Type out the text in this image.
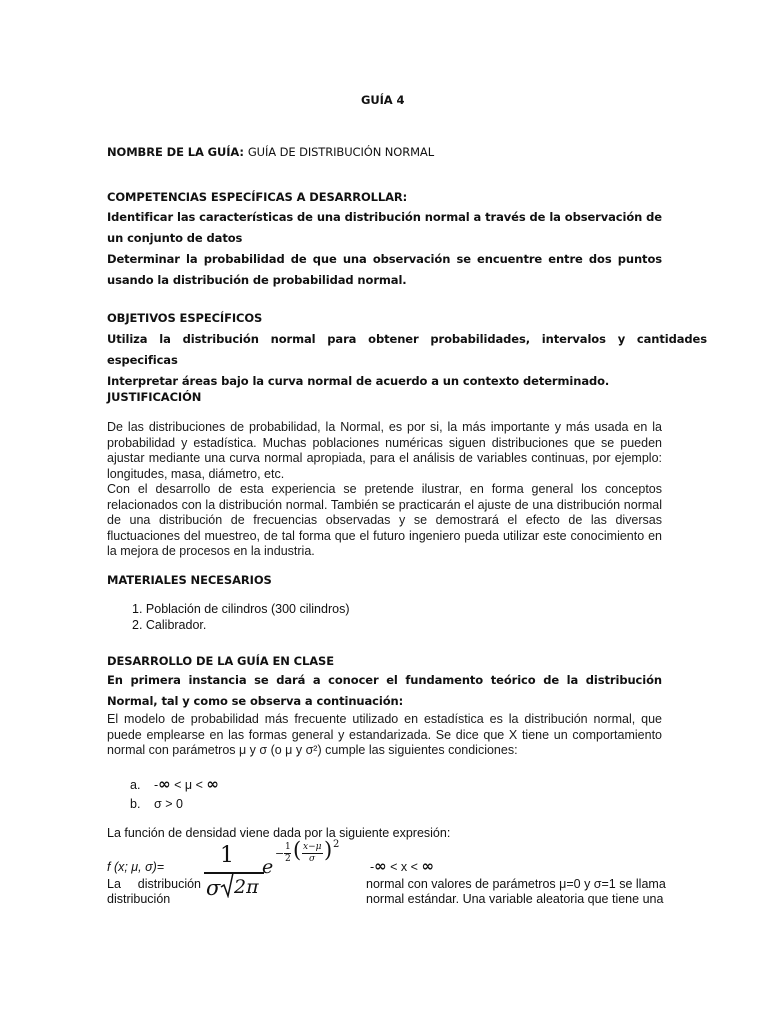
GUÍA 4
NOMBRE DE LA GUÍA: GUÍA DE DISTRIBUCIÓN NORMAL
COMPETENCIAS ESPECÍFICAS A DESARROLLAR:
Identificar las características de una distribución normal a través de la observación de un conjunto de datos
Determinar la probabilidad de que una observación se encuentre entre dos puntos usando la distribución de probabilidad normal.
OBJETIVOS ESPECÍFICOS
Utiliza la distribución normal para obtener probabilidades, intervalos y cantidades especificas
Interpretar áreas bajo la curva normal de acuerdo a un contexto determinado.
JUSTIFICACIÓN
De las distribuciones de probabilidad, la Normal, es por si, la más importante y más usada en la probabilidad y estadística. Muchas poblaciones numéricas siguen distribuciones que se pueden ajustar mediante una curva normal apropiada, para el análisis de variables continuas, por ejemplo: longitudes, masa, diámetro, etc.
Con el desarrollo de esta experiencia se pretende ilustrar, en forma general los conceptos relacionados con la distribución normal. También se practicarán el ajuste de una distribución normal de una distribución de frecuencias observadas y se demostrará el efecto de las diversas fluctuaciones del muestreo, de tal forma que el futuro ingeniero pueda utilizar este conocimiento en la mejora de procesos en la industria.
MATERIALES NECESARIOS
1. Población de cilindros (300 cilindros)
2. Calibrador.
DESARROLLO DE LA GUÍA EN CLASE
En primera instancia se dará a conocer el fundamento teórico de la distribución Normal, tal y como se observa a continuación:
El modelo de probabilidad más frecuente utilizado en estadística es la distribución normal, que puede emplearse en las formas general y estandarizada. Se dice que X tiene un comportamiento normal con parámetros μ y σ (o μ y σ²) cumple las siguientes condiciones:
a. -∞ < μ < ∞
b. σ > 0
La función de densidad viene dada por la siguiente expresión:
f (x; μ, σ)=	1
σ 2π
e
− 1
2 ( x−μ
σ ) 2
-∞ < x < ∞
La distribución
distribución
normal con valores de parámetros μ=0 y σ=1 se llama
normal estándar. Una variable aleatoria que tiene una
